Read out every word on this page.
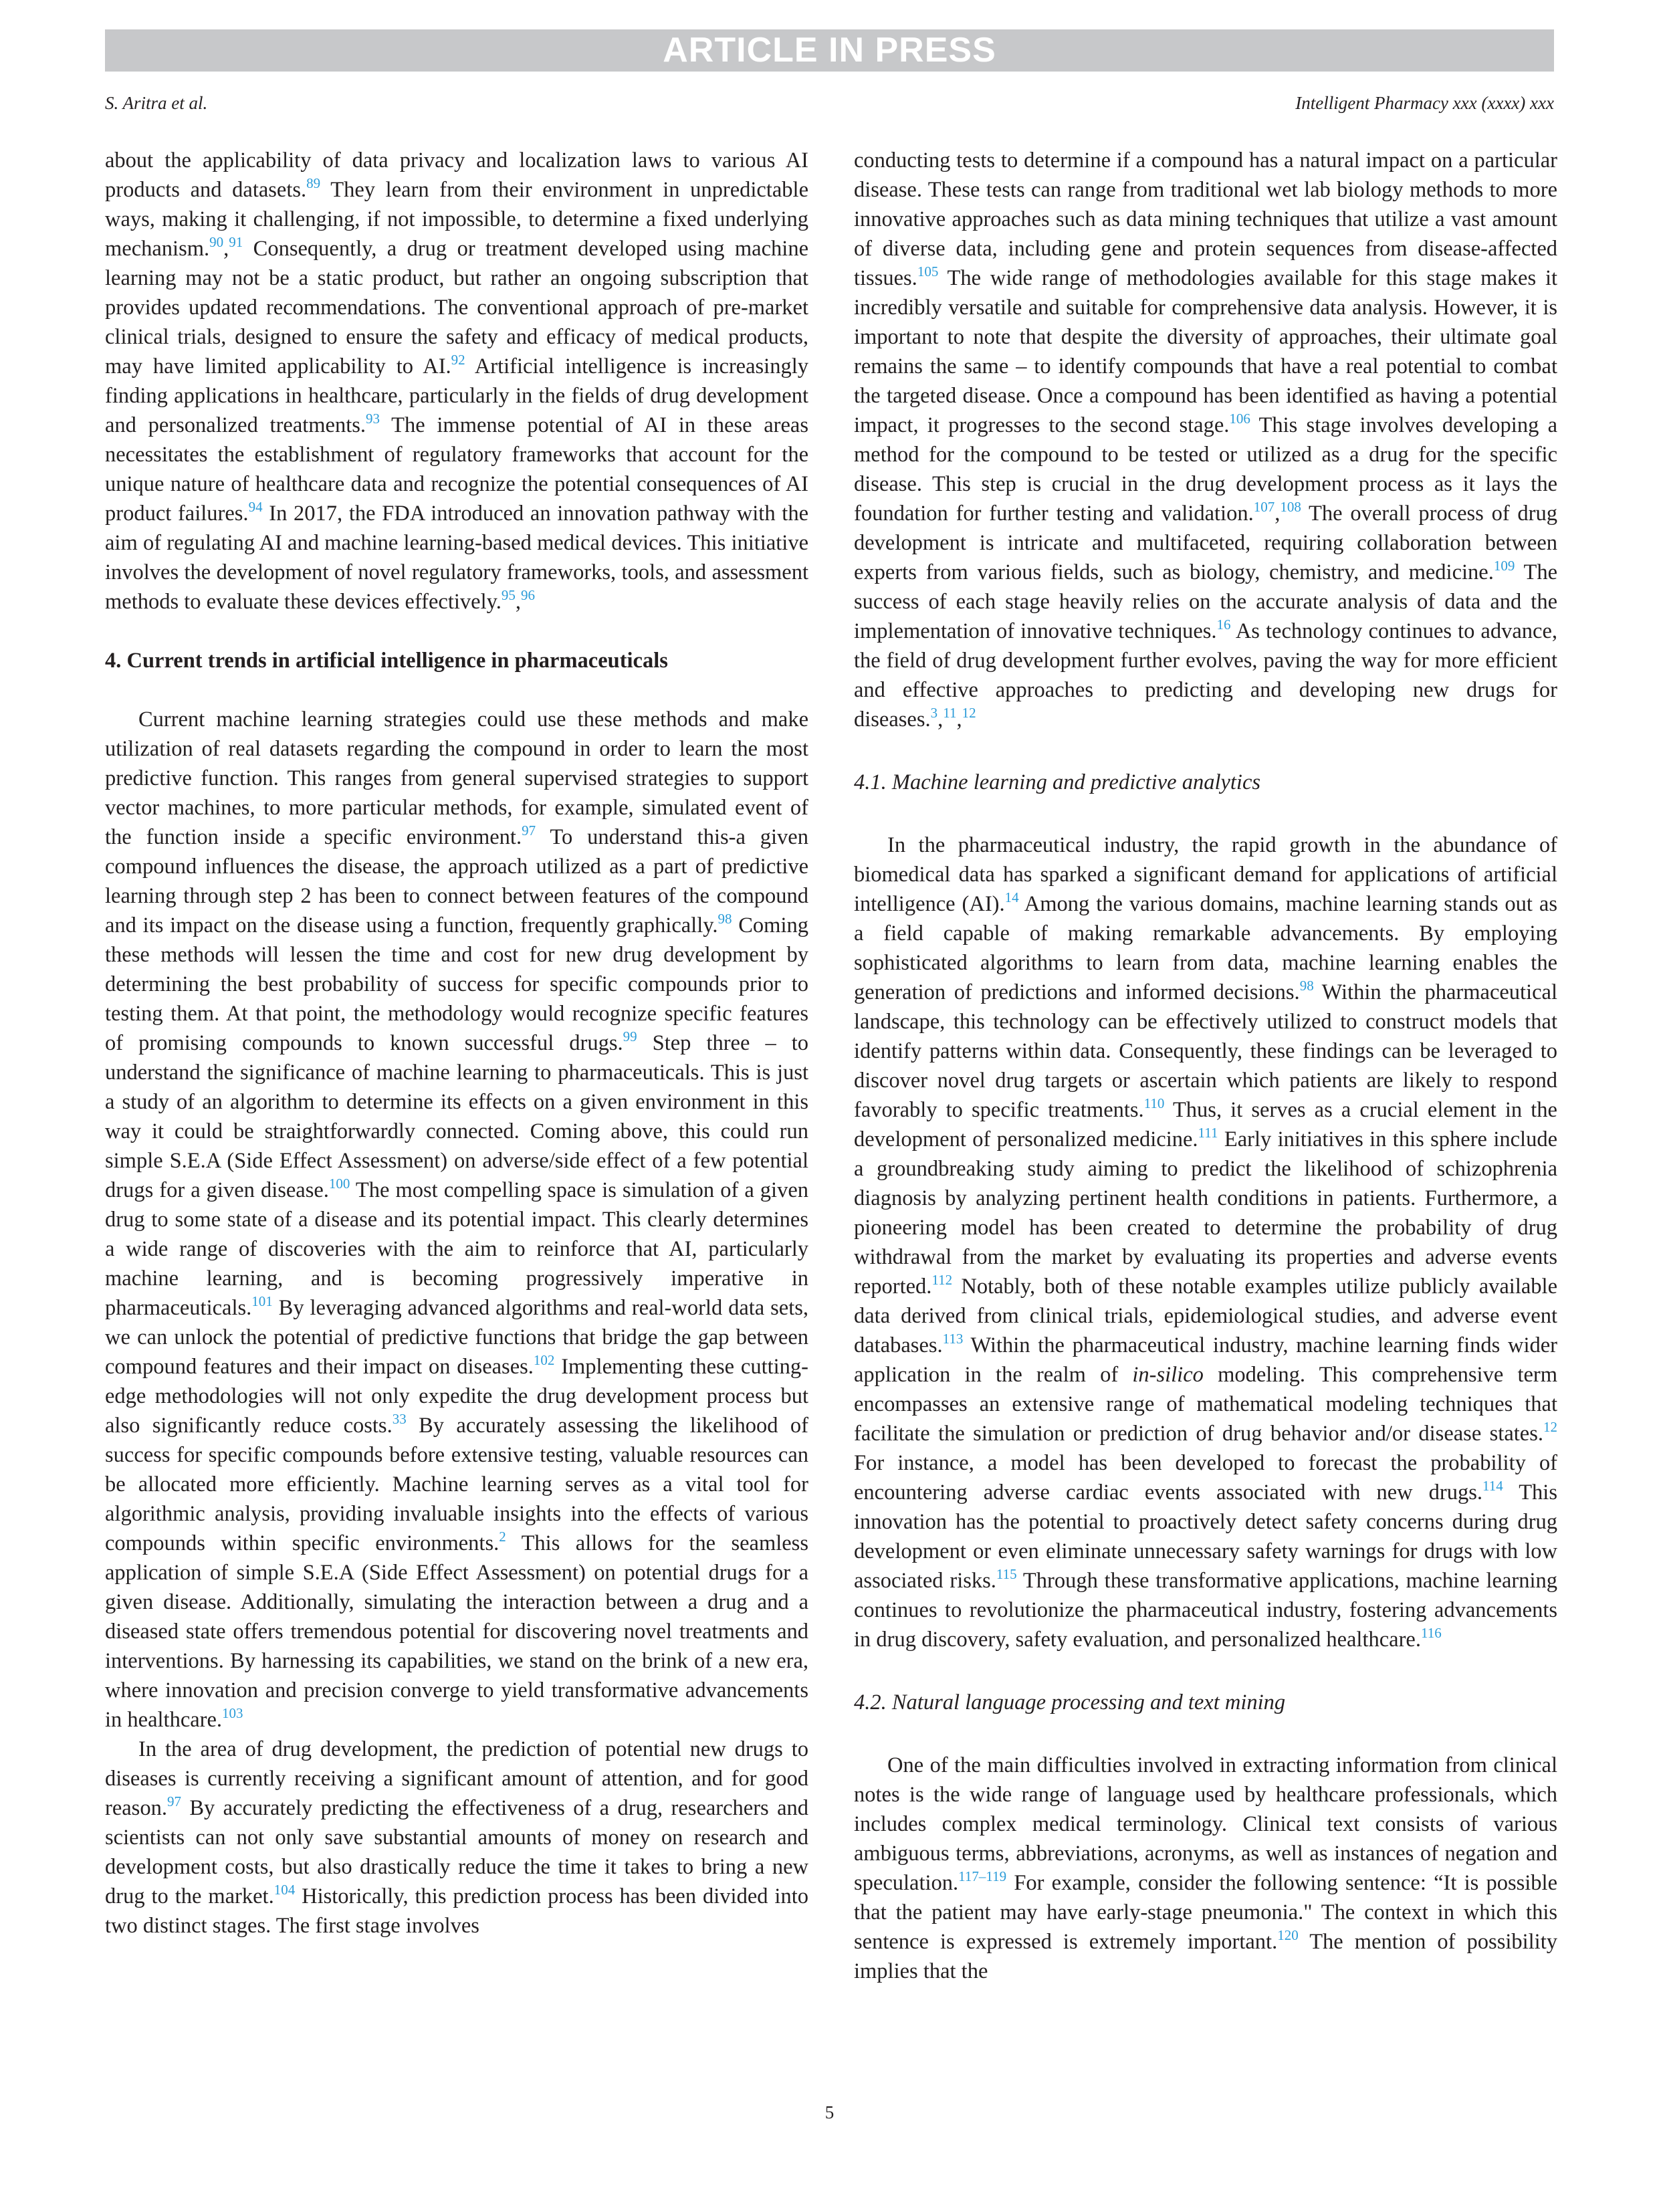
ARTICLE IN PRESS
S. Aritra et al.	Intelligent Pharmacy xxx (xxxx) xxx

about the applicability of data privacy and localization laws to various AI products and datasets.$^{89}$ They learn from their environment in unpredictable ways, making it challenging, if not impossible, to determine a fixed underlying mechanism.$^{90}$,$^{91}$ Consequently, a drug or treatment developed using machine learning may not be a static product, but rather an ongoing subscription that provides updated recommendations. The conventional approach of pre-market clinical trials, designed to ensure the safety and efficacy of medical products, may have limited applicability to AI.$^{92}$ Artificial intelligence is increasingly finding applications in healthcare, particularly in the fields of drug development and personalized treatments.$^{93}$ The immense potential of AI in these areas necessitates the establishment of regulatory frameworks that account for the unique nature of healthcare data and recognize the potential consequences of AI product failures.$^{94}$ In 2017, the FDA introduced an innovation pathway with the aim of regulating AI and machine learning-based medical devices. This initiative involves the development of novel regulatory frameworks, tools, and assessment methods to evaluate these devices effectively.$^{95}$,$^{96}$

4. Current trends in artificial intelligence in pharmaceuticals

Current machine learning strategies could use these methods and make utilization of real datasets regarding the compound in order to learn the most predictive function. This ranges from general supervised strategies to support vector machines, to more particular methods, for example, simulated event of the function inside a specific environment.$^{97}$ To understand this-a given compound influences the disease, the approach utilized as a part of predictive learning through step 2 has been to connect between features of the compound and its impact on the disease using a function, frequently graphically.$^{98}$ Coming these methods will lessen the time and cost for new drug development by determining the best probability of success for specific compounds prior to testing them. At that point, the methodology would recognize specific features of promising compounds to known successful drugs.$^{99}$ Step three – to understand the significance of machine learning to pharmaceuticals. This is just a study of an algorithm to determine its effects on a given environment in this way it could be straightforwardly connected. Coming above, this could run simple S.E.A (Side Effect Assessment) on adverse/side effect of a few potential drugs for a given disease.$^{100}$ The most compelling space is simulation of a given drug to some state of a disease and its potential impact. This clearly determines a wide range of discoveries with the aim to reinforce that AI, particularly machine learning, and is becoming progressively imperative in pharmaceuticals.$^{101}$ By leveraging advanced algorithms and real-world data sets, we can unlock the potential of predictive functions that bridge the gap between compound features and their impact on diseases.$^{102}$ Implementing these cutting-edge methodologies will not only expedite the drug development process but also significantly reduce costs.$^{33}$ By accurately assessing the likelihood of success for specific compounds before extensive testing, valuable resources can be allocated more efficiently. Machine learning serves as a vital tool for algorithmic analysis, providing invaluable insights into the effects of various compounds within specific environments.$^2$ This allows for the seamless application of simple S.E.A (Side Effect Assessment) on potential drugs for a given disease. Additionally, simulating the interaction between a drug and a diseased state offers tremendous potential for discovering novel treatments and interventions. By harnessing its capabilities, we stand on the brink of a new era, where innovation and precision converge to yield transformative advancements in healthcare.$^{103}$

In the area of drug development, the prediction of potential new drugs to diseases is currently receiving a significant amount of attention, and for good reason.$^{97}$ By accurately predicting the effectiveness of a drug, researchers and scientists can not only save substantial amounts of money on research and development costs, but also drastically reduce the time it takes to bring a new drug to the market.$^{104}$ Historically, this prediction process has been divided into two distinct stages. The first stage involves

conducting tests to determine if a compound has a natural impact on a particular disease. These tests can range from traditional wet lab biology methods to more innovative approaches such as data mining techniques that utilize a vast amount of diverse data, including gene and protein sequences from disease-affected tissues.$^{105}$ The wide range of methodologies available for this stage makes it incredibly versatile and suitable for comprehensive data analysis. However, it is important to note that despite the diversity of approaches, their ultimate goal remains the same – to identify compounds that have a real potential to combat the targeted disease. Once a compound has been identified as having a potential impact, it progresses to the second stage.$^{106}$ This stage involves developing a method for the compound to be tested or utilized as a drug for the specific disease. This step is crucial in the drug development process as it lays the foundation for further testing and validation.$^{107}$,$^{108}$ The overall process of drug development is intricate and multifaceted, requiring collaboration between experts from various fields, such as biology, chemistry, and medicine.$^{109}$ The success of each stage heavily relies on the accurate analysis of data and the implementation of innovative techniques.$^{16}$ As technology continues to advance, the field of drug development further evolves, paving the way for more efficient and effective approaches to predicting and developing new drugs for diseases.$^3$,$^{11}$,$^{12}$

4.1. Machine learning and predictive analytics

In the pharmaceutical industry, the rapid growth in the abundance of biomedical data has sparked a significant demand for applications of artificial intelligence (AI).$^{14}$ Among the various domains, machine learning stands out as a field capable of making remarkable advancements. By employing sophisticated algorithms to learn from data, machine learning enables the generation of predictions and informed decisions.$^{98}$ Within the pharmaceutical landscape, this technology can be effectively utilized to construct models that identify patterns within data. Consequently, these findings can be leveraged to discover novel drug targets or ascertain which patients are likely to respond favorably to specific treatments.$^{110}$ Thus, it serves as a crucial element in the development of personalized medicine.$^{111}$ Early initiatives in this sphere include a groundbreaking study aiming to predict the likelihood of schizophrenia diagnosis by analyzing pertinent health conditions in patients. Furthermore, a pioneering model has been created to determine the probability of drug withdrawal from the market by evaluating its properties and adverse events reported.$^{112}$ Notably, both of these notable examples utilize publicly available data derived from clinical trials, epidemiological studies, and adverse event databases.$^{113}$ Within the pharmaceutical industry, machine learning finds wider application in the realm of in-silico modeling. This comprehensive term encompasses an extensive range of mathematical modeling techniques that facilitate the simulation or prediction of drug behavior and/or disease states.$^{12}$ For instance, a model has been developed to forecast the probability of encountering adverse cardiac events associated with new drugs.$^{114}$ This innovation has the potential to proactively detect safety concerns during drug development or even eliminate unnecessary safety warnings for drugs with low associated risks.$^{115}$ Through these transformative applications, machine learning continues to revolutionize the pharmaceutical industry, fostering advancements in drug discovery, safety evaluation, and personalized healthcare.$^{116}$

4.2. Natural language processing and text mining

One of the main difficulties involved in extracting information from clinical notes is the wide range of language used by healthcare professionals, which includes complex medical terminology. Clinical text consists of various ambiguous terms, abbreviations, acronyms, as well as instances of negation and speculation.$^{117-119}$ For example, consider the following sentence: “It is possible that the patient may have early-stage pneumonia." The context in which this sentence is expressed is extremely important.$^{120}$ The mention of possibility implies that the

5
